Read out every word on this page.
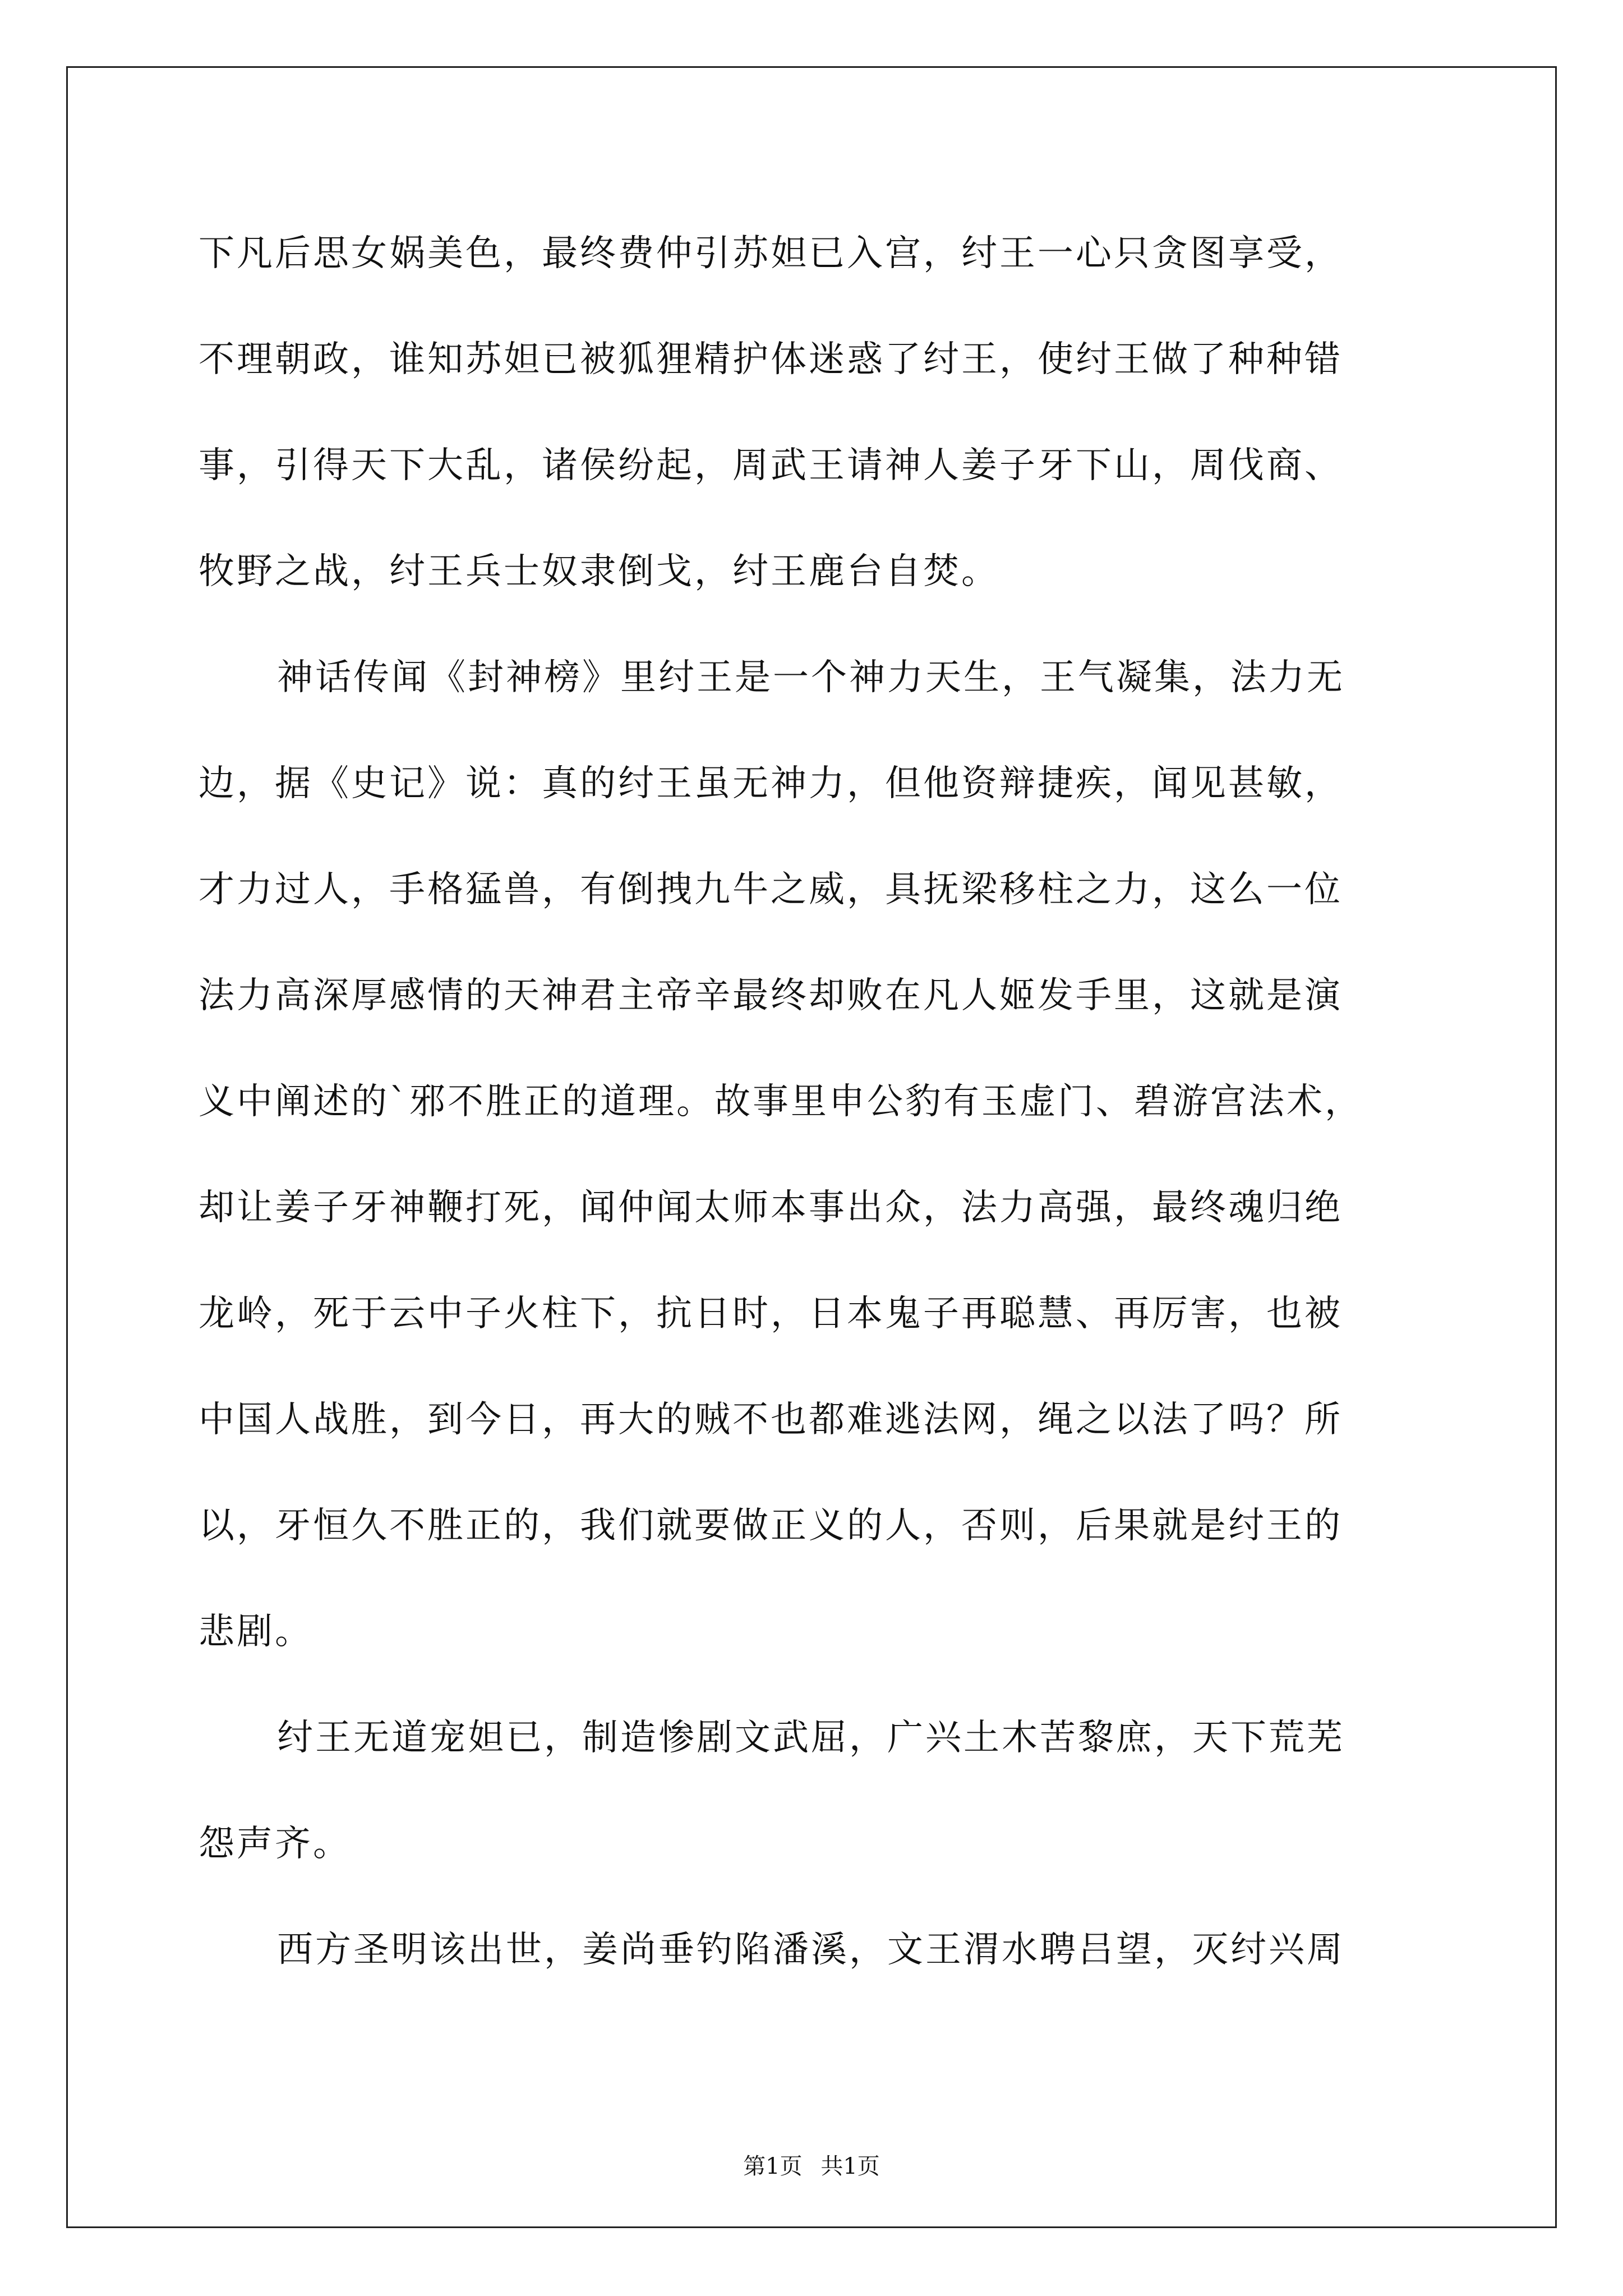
下凡后思女娲美色，最终费仲引苏妲已入宫，纣王一心只贪图享受，
不理朝政，谁知苏妲已被狐狸精护体迷惑了纣王，使纣王做了种种错
事，引得天下大乱，诸侯纷起，周武王请神人姜子牙下山，周伐商、
牧野之战，纣王兵士奴隶倒戈，纣王鹿台自焚。
神话传闻《封神榜》里纣王是一个神力天生，王气凝集，法力无
边，据《史记》说：真的纣王虽无神力，但他资辩捷疾，闻见甚敏，
才力过人，手格猛兽，有倒拽九牛之威，具抚梁移柱之力，这么一位
法力高深厚感情的天神君主帝辛最终却败在凡人姬发手里，这就是演
义中阐述的`邪不胜正的道理。故事里申公豹有玉虚门、碧游宫法术，
却让姜子牙神鞭打死，闻仲闻太师本事出众，法力高强，最终魂归绝
龙岭，死于云中子火柱下，抗日时，日本鬼子再聪慧、再厉害，也被
中国人战胜，到今日，再大的贼不也都难逃法网，绳之以法了吗？所
以，牙恒久不胜正的，我们就要做正义的人，否则，后果就是纣王的
悲剧。
纣王无道宠妲已，制造惨剧文武屈，广兴土木苦黎庶，天下荒芜
怨声齐。
西方圣明该出世，姜尚垂钓陷潘溪，文王渭水聘吕望，灭纣兴周
第1页 共1页
